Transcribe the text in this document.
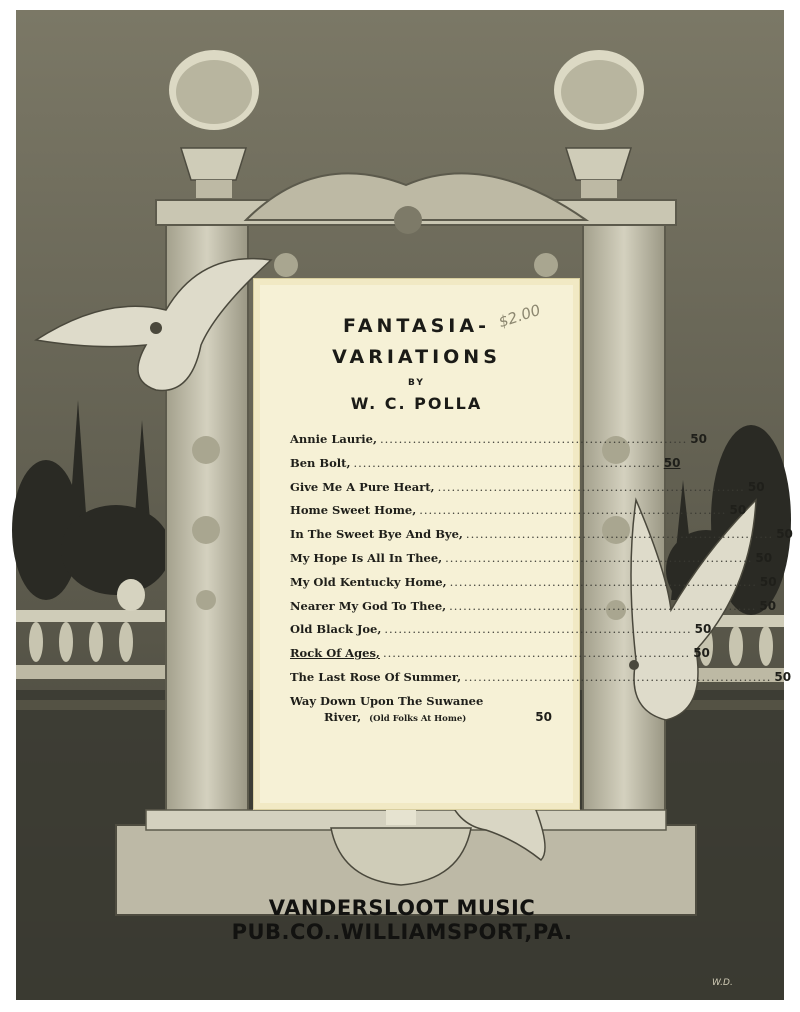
FANTASIA-
VARIATIONS
BY
W. C. POLLA
$2.00
Annie Laurie, .................................................................. 50
Ben Bolt, .................................................................. 50
Give Me A Pure Heart, .................................................................. 50
Home Sweet Home, .................................................................. 50
In The Sweet Bye And Bye, .................................................................. 50
My Hope Is All In Thee, .................................................................. 50
My Old Kentucky Home, .................................................................. 50
Nearer My God To Thee, .................................................................. 50
Old Black Joe, .................................................................. 50
Rock Of Ages, .................................................................. 50
The Last Rose Of Summer, .................................................................. 50
Way Down Upon The Suwanee
River, (Old Folks At Home)	50
VANDERSLOOT MUSIC PUB.CO..WILLIAMSPORT,PA.
W.D.
